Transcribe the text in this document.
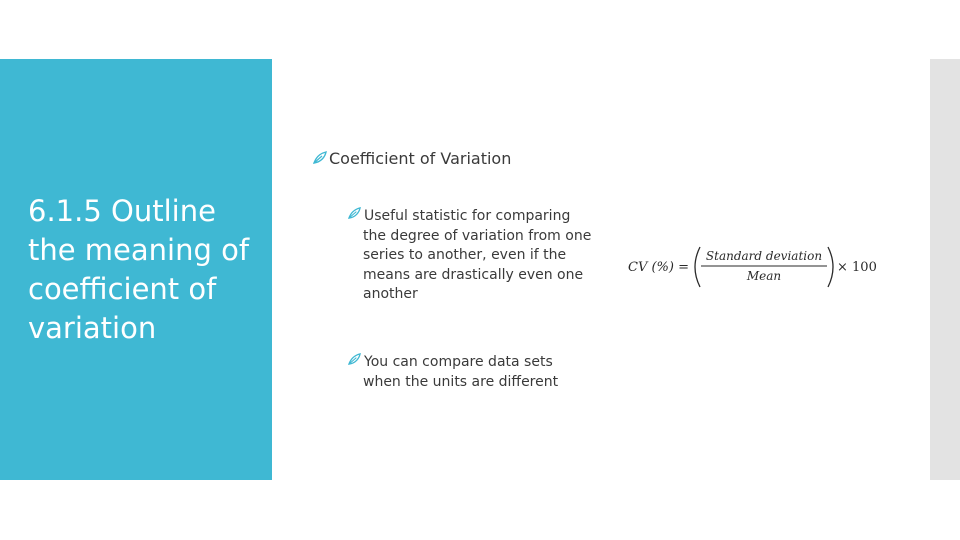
6.1.5 Outline the meaning of coefficient of variation
Coefficient of Variation

Useful statistic for comparing the degree of variation from one series to another, even if the means are drastically even one another

You can compare data sets when the units are different

CV (%) =
Standard deviation
Mean
× 100
